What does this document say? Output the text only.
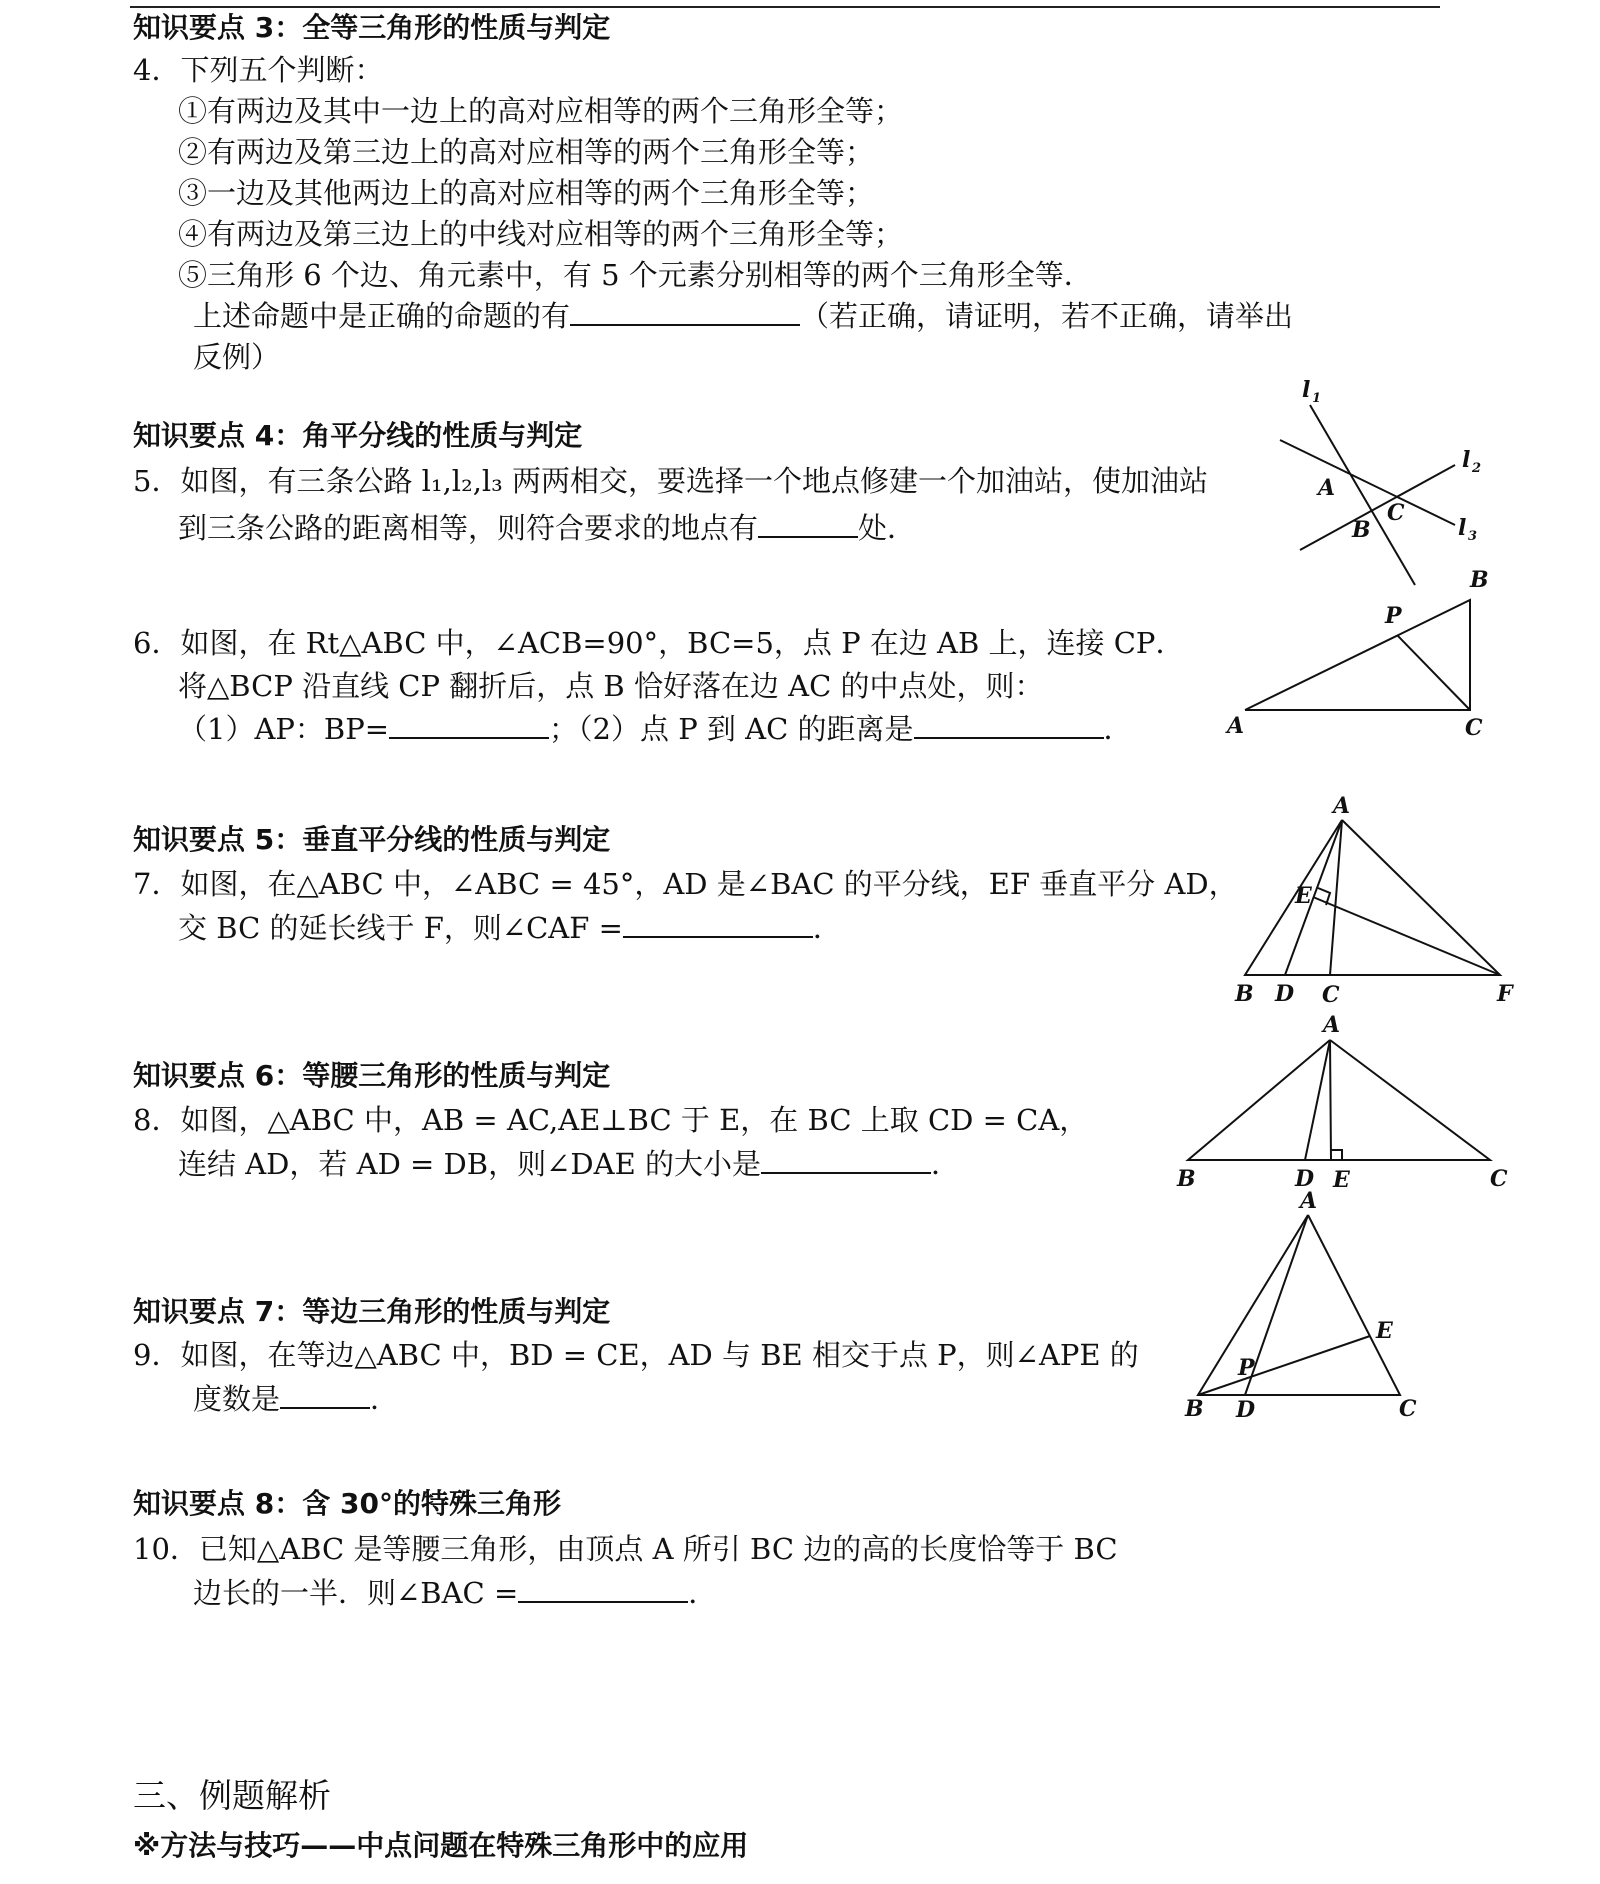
知识要点 3：全等三角形的性质与判定
4．下列五个判断：
①有两边及其中一边上的高对应相等的两个三角形全等；
②有两边及第三边上的高对应相等的两个三角形全等；
③一边及其他两边上的高对应相等的两个三角形全等；
④有两边及第三边上的中线对应相等的两个三角形全等；
⑤三角形 6 个边、角元素中，有 5 个元素分别相等的两个三角形全等．
上述命题中是正确的命题的有	（若正确，请证明，若不正确，请举出
反例）
知识要点 4：角平分线的性质与判定
5．如图，有三条公路 l₁,l₂,l₃ 两两相交，要选择一个地点修建一个加油站，使加油站
到三条公路的距离相等，则符合要求的地点有	处．
6．如图，在 Rt△ABC 中，∠ACB=90°，BC=5，点 P 在边 AB 上，连接 CP．
将△BCP 沿直线 CP 翻折后，点 B 恰好落在边 AC 的中点处，则：
（1）AP：BP=	；（2）点 P 到 AC 的距离是	．
知识要点 5：垂直平分线的性质与判定
7．如图，在△ABC 中，∠ABC = 45°，AD 是∠BAC 的平分线，EF 垂直平分 AD，
交 BC 的延长线于 F，则∠CAF =	．
知识要点 6：等腰三角形的性质与判定
8．如图，△ABC 中，AB = AC,AE⊥BC 于 E，在 BC 上取 CD = CA，
连结 AD，若 AD = DB，则∠DAE 的大小是	．
知识要点 7：等边三角形的性质与判定
9．如图，在等边△ABC 中，BD = CE，AD 与 BE 相交于点 P，则∠APE 的
度数是	．
知识要点 8：含 30°的特殊三角形
10．已知△ABC 是等腰三角形，由顶点 A 所引 BC 边的高的长度恰等于 BC
边长的一半．则∠BAC =	．
三、例题解析
※方法与技巧——中点问题在特殊三角形中的应用
l 1
l 2
l 3
A
B
C
B
P
A	C
A
E
B D C	F
A
B	D E	C
A
E
P
B D	C
